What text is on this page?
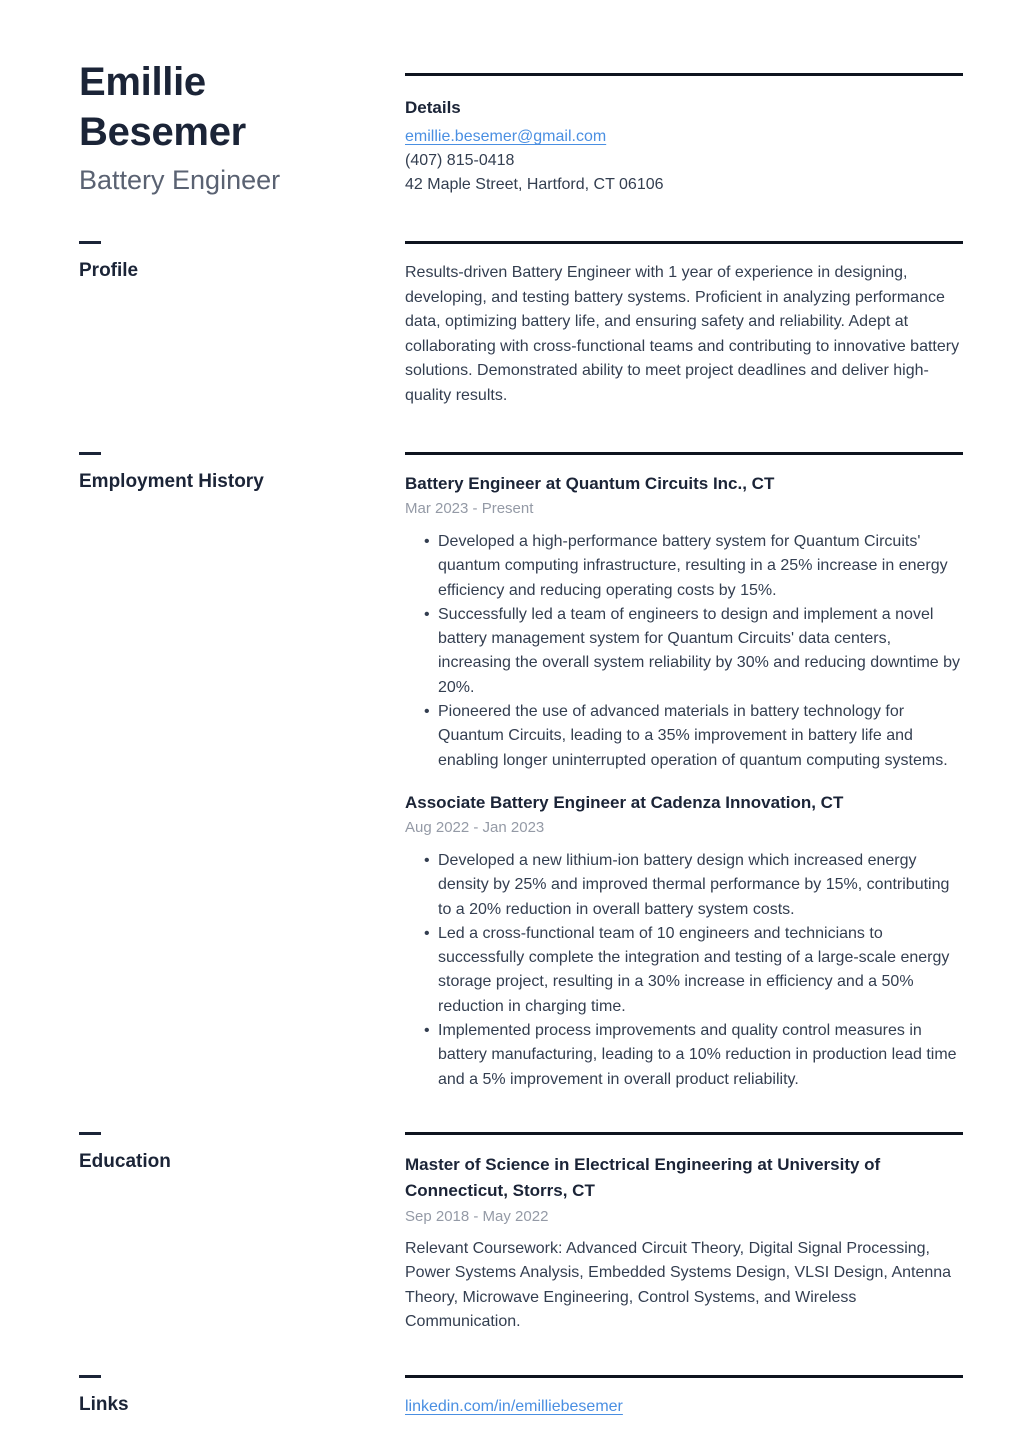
Emillie Besemer

Battery Engineer

Details

emillie.besemer@gmail.com

(407) 815-0418

42 Maple Street, Hartford, CT 06106

Profile	Results-driven Battery Engineer with 1 year of experience in designing, developing, and testing battery systems. Proficient in analyzing performance data, optimizing battery life, and ensuring safety and reliability. Adept at collaborating with cross-functional teams and contributing to innovative battery solutions. Demonstrated ability to meet project deadlines and deliver high-quality results.

Employment History	Battery Engineer at Quantum Circuits Inc., CT

Mar 2023 - Present

• Developed a high-performance battery system for Quantum Circuits' quantum computing infrastructure, resulting in a 25% increase in energy efficiency and reducing operating costs by 15%.
• Successfully led a team of engineers to design and implement a novel battery management system for Quantum Circuits' data centers, increasing the overall system reliability by 30% and reducing downtime by 20%.
• Pioneered the use of advanced materials in battery technology for Quantum Circuits, leading to a 35% improvement in battery life and enabling longer uninterrupted operation of quantum computing systems.
Associate Battery Engineer at Cadenza Innovation, CT

Aug 2022 - Jan 2023

• Developed a new lithium-ion battery design which increased energy density by 25% and improved thermal performance by 15%, contributing to a 20% reduction in overall battery system costs.
• Led a cross-functional team of 10 engineers and technicians to successfully complete the integration and testing of a large-scale energy storage project, resulting in a 30% increase in efficiency and a 50% reduction in charging time.
• Implemented process improvements and quality control measures in battery manufacturing, leading to a 10% reduction in production lead time and a 5% improvement in overall product reliability.
Education	Master of Science in Electrical Engineering at University of Connecticut, Storrs, CT

Sep 2018 - May 2022

Relevant Coursework: Advanced Circuit Theory, Digital Signal Processing, Power Systems Analysis, Embedded Systems Design, VLSI Design, Antenna Theory, Microwave Engineering, Control Systems, and Wireless Communication.

Links	linkedin.com/in/emilliebesemer
